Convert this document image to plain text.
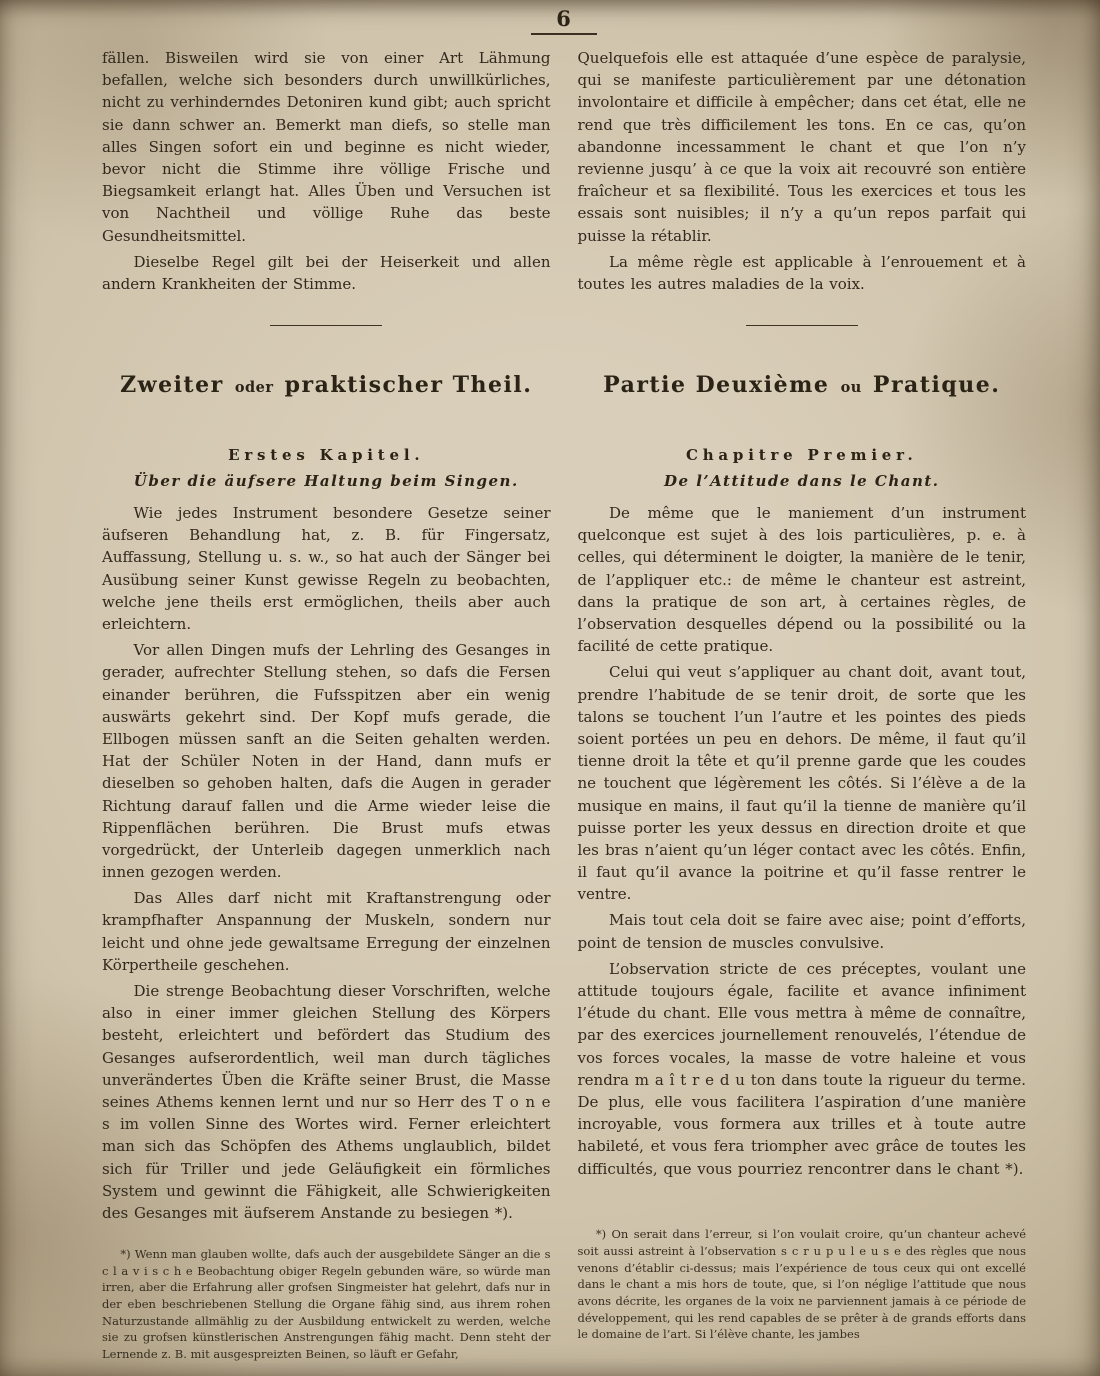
6

fällen. Bisweilen wird sie von einer Art Lähmung befallen, welche sich besonders durch unwillkürliches, nicht zu verhinderndes Detoniren kund gibt; auch spricht sie dann schwer an. Bemerkt man diefs, so stelle man alles Singen sofort ein und beginne es nicht wieder, bevor nicht die Stimme ihre völlige Frische und Biegsamkeit erlangt hat. Alles Üben und Versuchen ist von Nachtheil und völlige Ruhe das beste Gesundheitsmittel.

Dieselbe Regel gilt bei der Heiserkeit und allen andern Krankheiten der Stimme.

Zweiter oder praktischer Theil.
Erstes Kapitel.
Über die äufsere Haltung beim Singen.

Wie jedes Instrument besondere Gesetze seiner äufseren Behandlung hat, z. B. für Fingersatz, Auffassung, Stellung u. s. w., so hat auch der Sänger bei Ausübung seiner Kunst gewisse Regeln zu beobachten, welche jene theils erst ermöglichen, theils aber auch erleichtern.

Vor allen Dingen mufs der Lehrling des Gesanges in gerader, aufrechter Stellung stehen, so dafs die Fersen einander berühren, die Fufsspitzen aber ein wenig auswärts gekehrt sind. Der Kopf mufs gerade, die Ellbogen müssen sanft an die Seiten gehalten werden. Hat der Schüler Noten in der Hand, dann mufs er dieselben so gehoben halten, dafs die Augen in gerader Richtung darauf fallen und die Arme wieder leise die Rippenflächen berühren. Die Brust mufs etwas vorgedrückt, der Unterleib dagegen unmerklich nach innen gezogen werden.

Das Alles darf nicht mit Kraftanstrengung oder krampfhafter Anspannung der Muskeln, sondern nur leicht und ohne jede gewaltsame Erregung der einzelnen Körpertheile geschehen.

Die strenge Beobachtung dieser Vorschriften, welche also in einer immer gleichen Stellung des Körpers besteht, erleichtert und befördert das Studium des Gesanges aufserordentlich, weil man durch tägliches unverändertes Üben die Kräfte seiner Brust, die Masse seines Athems kennen lernt und nur so Herr des T o n e s im vollen Sinne des Wortes wird. Ferner erleichtert man sich das Schöpfen des Athems unglaublich, bildet sich für Triller und jede Geläufigkeit ein förmliches System und gewinnt die Fähigkeit, alle Schwierigkeiten des Gesanges mit äufserem Anstande zu besiegen *).

*) Wenn man glauben wollte, dafs auch der ausgebildete Sänger an die s c l a v i s c h e Beobachtung obiger Regeln gebunden wäre, so würde man irren, aber die Erfahrung aller grofsen Singmeister hat gelehrt, dafs nur in der eben beschriebenen Stellung die Organe fähig sind, aus ihrem rohen Naturzustande allmählig zu der Ausbildung entwickelt zu werden, welche sie zu grofsen künstlerischen Anstrengungen fähig macht. Denn steht der Lernende z. B. mit ausgespreizten Beinen, so läuft er Gefahr,

Quelquefois elle est attaquée d’une espèce de paralysie, qui se manifeste particulièrement par une détonation involontaire et difficile à empêcher; dans cet état, elle ne rend que très difficilement les tons. En ce cas, qu’on abandonne incessamment le chant et que l’on n’y revienne jusqu’ à ce que la voix ait recouvré son entière fraîcheur et sa flexibilité. Tous les exercices et tous les essais sont nuisibles; il n’y a qu’un repos parfait qui puisse la rétablir.

La même règle est applicable à l’enrouement et à toutes les autres maladies de la voix.

Partie Deuxième ou Pratique.
Chapitre Premier.
De l’Attitude dans le Chant.

De même que le maniement d’un instrument quelconque est sujet à des lois particulières, p. e. à celles, qui déterminent le doigter, la manière de le tenir, de l’appliquer etc.: de même le chanteur est astreint, dans la pratique de son art, à certaines règles, de l’observation desquelles dépend ou la possibilité ou la facilité de cette pratique.

Celui qui veut s’appliquer au chant doit, avant tout, prendre l’habitude de se tenir droit, de sorte que les talons se touchent l’un l’autre et les pointes des pieds soient portées un peu en dehors. De même, il faut qu’il tienne droit la tête et qu’il prenne garde que les coudes ne touchent que légèrement les côtés. Si l’élève a de la musique en mains, il faut qu’il la tienne de manière qu’il puisse porter les yeux dessus en direction droite et que les bras n’aient qu’un léger contact avec les côtés. Enfin, il faut qu’il avance la poitrine et qu’il fasse rentrer le ventre.

Mais tout cela doit se faire avec aise; point d’efforts, point de tension de muscles convulsive.

L’observation stricte de ces préceptes, voulant une attitude toujours égale, facilite et avance infiniment l’étude du chant. Elle vous mettra à même de connaître, par des exercices journellement renouvelés, l’étendue de vos forces vocales, la masse de votre haleine et vous rendra m a î t r e d u ton dans toute la rigueur du terme. De plus, elle vous facilitera l’aspiration d’une manière incroyable, vous formera aux trilles et à toute autre habileté, et vous fera triompher avec grâce de toutes les difficultés, que vous pourriez rencontrer dans le chant *).

*) On serait dans l’erreur, si l’on voulait croire, qu’un chanteur achevé soit aussi astreint à l’observation s c r u p u l e u s e des règles que nous venons d’établir ci-dessus; mais l’expérience de tous ceux qui ont excellé dans le chant a mis hors de toute, que, si l’on néglige l’attitude que nous avons décrite, les organes de la voix ne parviennent jamais à ce période de développement, qui les rend capables de se prêter à de grands efforts dans le domaine de l’art. Si l’élève chante, les jambes
